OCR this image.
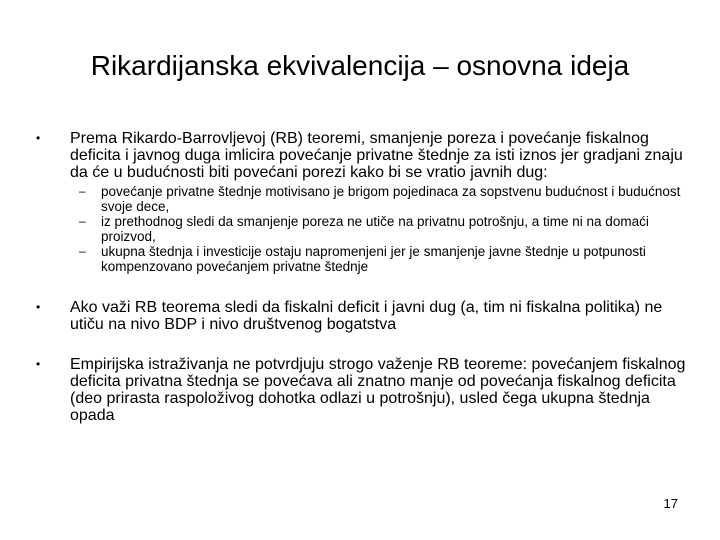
Rikardijanska ekvivalencija – osnovna ideja
•	Prema Rikardo-Barrovljevoj (RB) teoremi, smanjenje poreza i povećanje fiskalnog deficita i javnog duga imlicira povećanje privatne štednje za isti iznos jer gradjani znaju da će u budućnosti biti povećani porezi kako bi se vratio javnih dug:
–	povećanje privatne štednje motivisano je brigom pojedinaca za sopstvenu budućnost i budućnost svoje dece,
–	iz prethodnog sledi da smanjenje poreza ne utiče na privatnu potrošnju, a time ni na domaći proizvod,
–	ukupna štednja i investicije ostaju napromenjeni jer je smanjenje javne štednje u potpunosti kompenzovano povećanjem privatne štednje
•	Ako važi RB teorema sledi da fiskalni deficit i javni dug (a, tim ni fiskalna politika) ne utiču na nivo BDP i nivo društvenog bogatstva
•	Empirijska istraživanja ne potvrdjuju strogo važenje RB teoreme: povećanjem fiskalnog deficita privatna štednja se povećava ali znatno manje od povećanja fiskalnog deficita (deo prirasta raspoloživog dohotka odlazi u potrošnju), usled čega ukupna štednja opada
17
